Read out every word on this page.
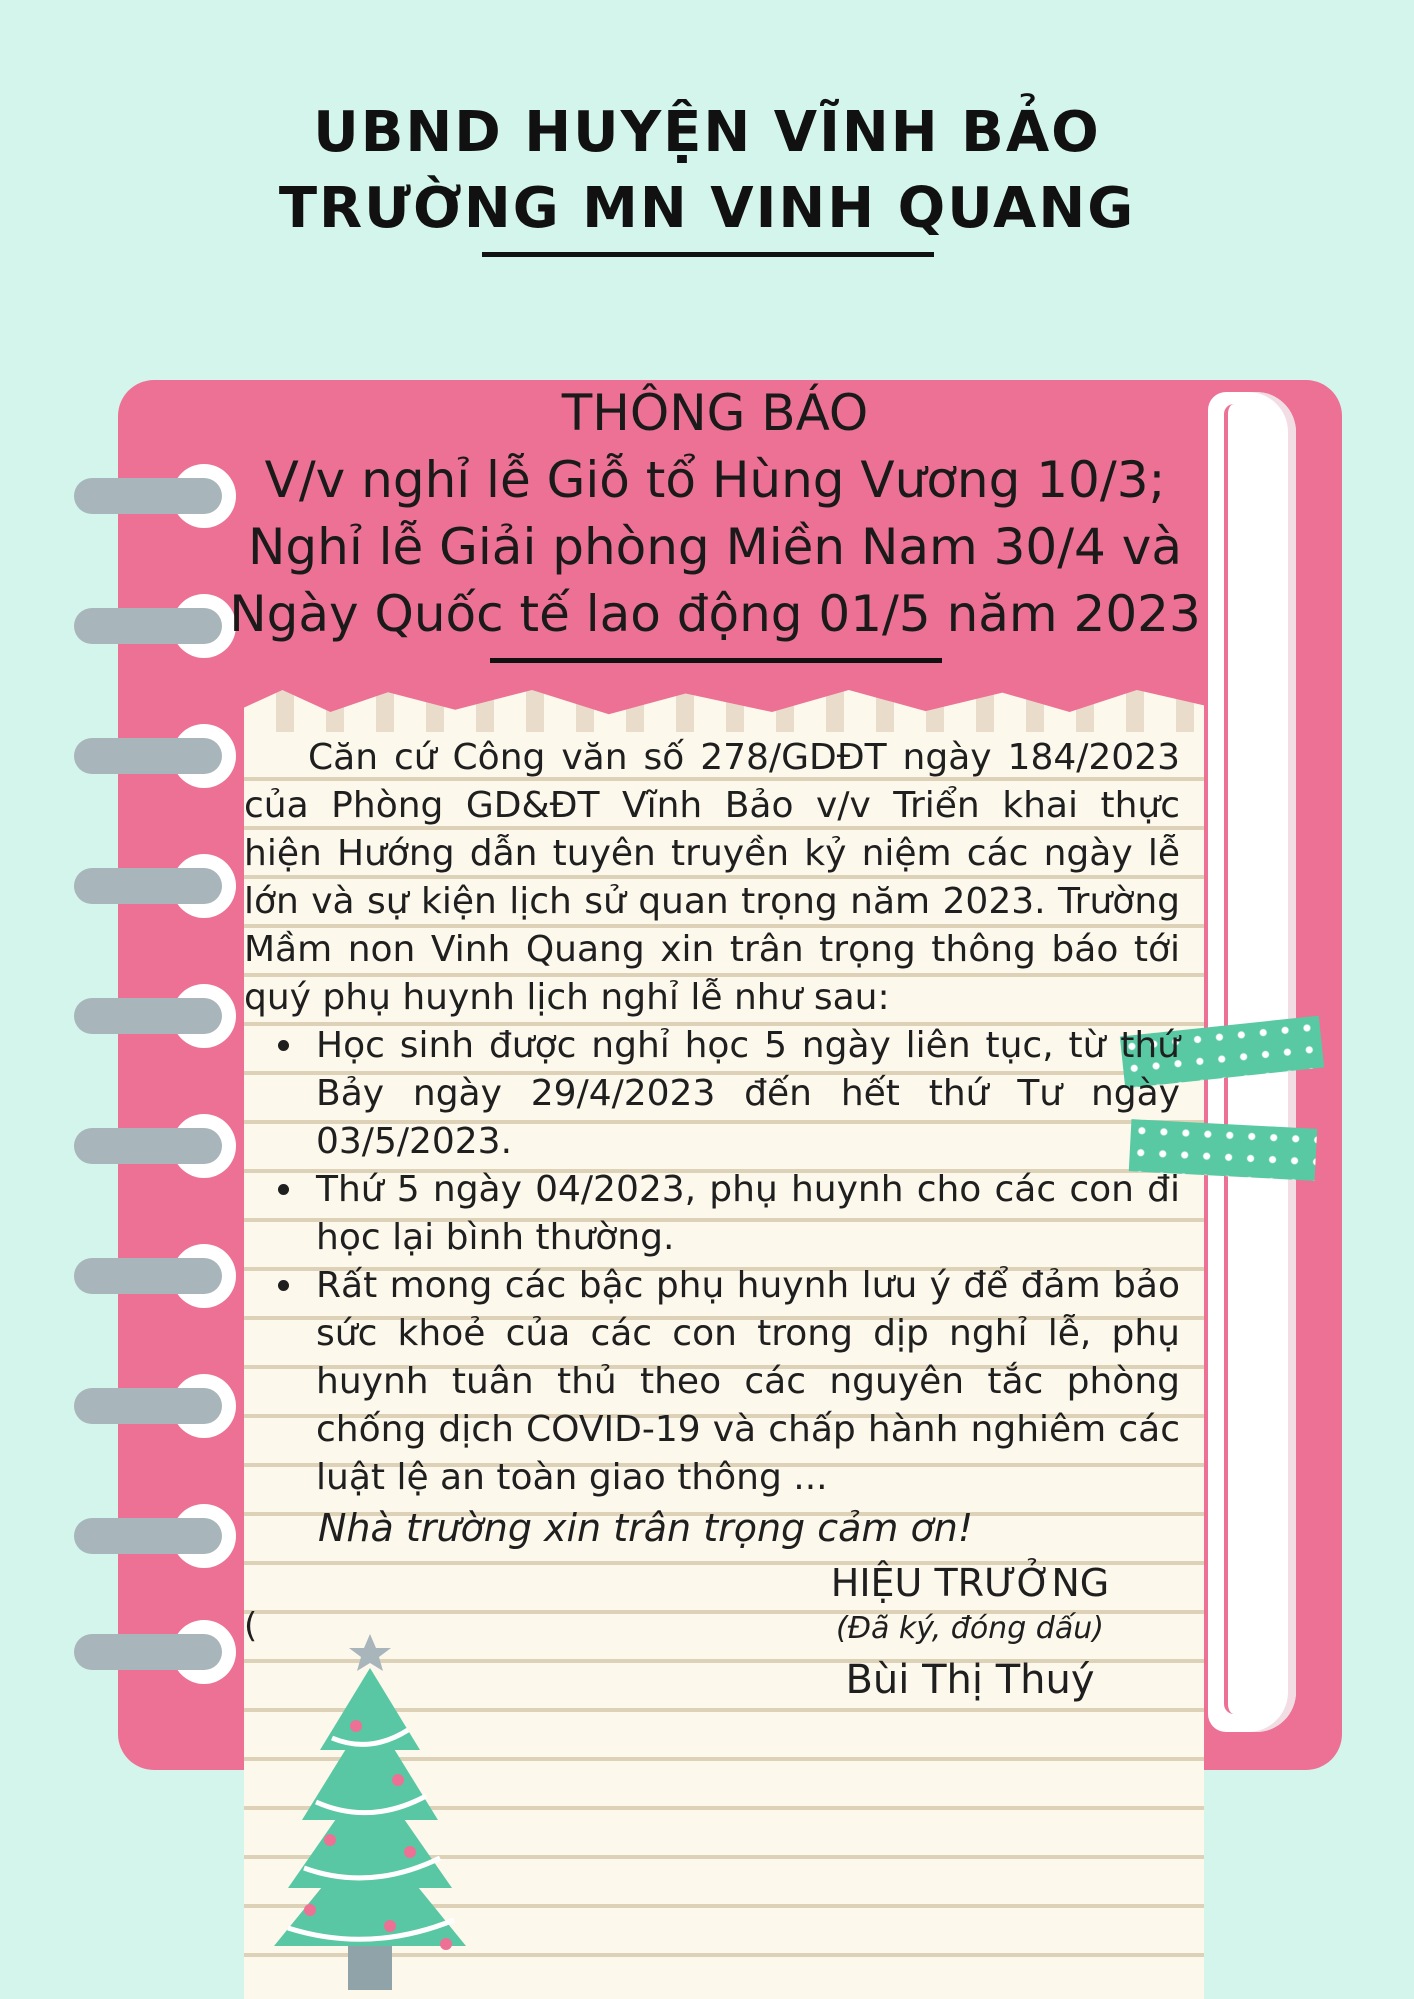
UBND HUYỆN VĨNH BẢO
TRƯỜNG MN VINH QUANG
THÔNG BÁO
V/v nghỉ lễ Giỗ tổ Hùng Vương 10/3;
Nghỉ lễ Giải phòng Miền Nam 30/4 và
Ngày Quốc tế lao động 01/5 năm 2023

Căn cứ Công văn số 278/GDĐT ngày 184/2023 của Phòng GD&ĐT Vĩnh Bảo v/v Triển khai thực hiện Hướng dẫn tuyên truyền kỷ niệm các ngày lễ lớn và sự kiện lịch sử quan trọng năm 2023. Trường Mầm non Vinh Quang xin trân trọng thông báo tới quý phụ huynh lịch nghỉ lễ như sau:

Học sinh được nghỉ học 5 ngày liên tục, từ thứ Bảy ngày 29/4/2023 đến hết thứ Tư ngày 03/5/2023.
Thứ 5 ngày 04/2023, phụ huynh cho các con đi học lại bình thường.
Rất mong các bậc phụ huynh lưu ý để đảm bảo sức khoẻ của các con trong dịp nghỉ lễ, phụ huynh tuân thủ theo các nguyên tắc phòng chống dịch COVID-19 và chấp hành nghiêm các luật lệ an toàn giao thông ...
Nhà trường xin trân trọng cảm ơn!
(
HIỆU TRƯỞNG
(Đã ký, đóng dấu)
Bùi Thị Thuý
